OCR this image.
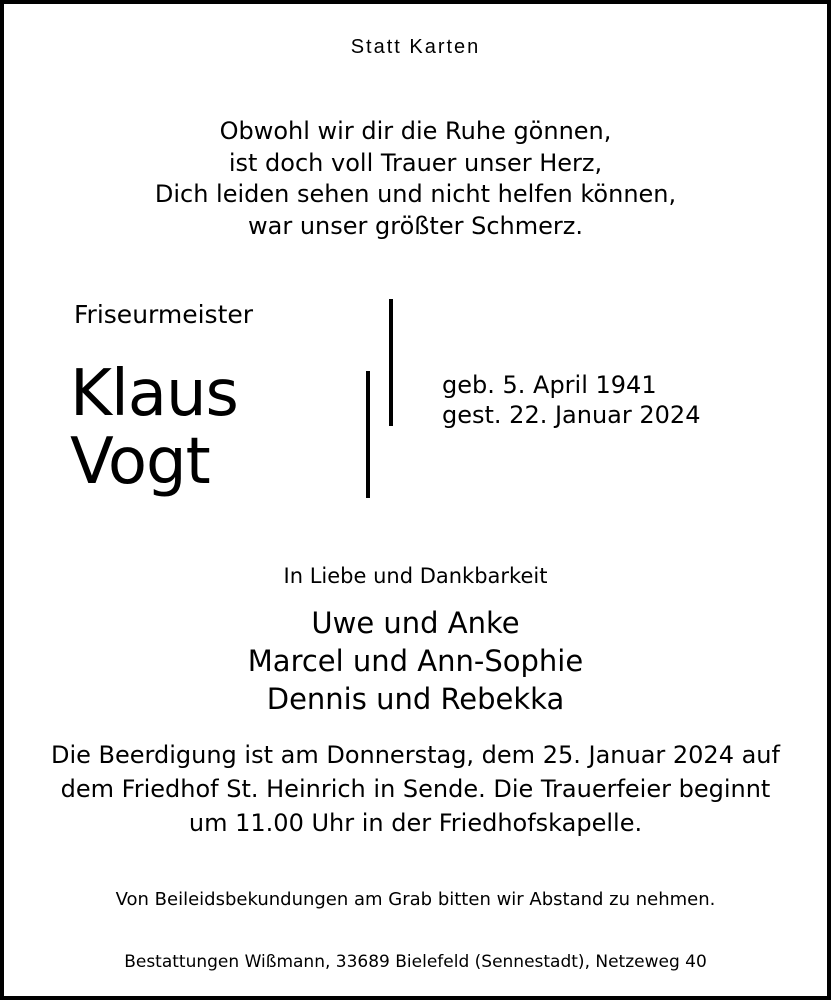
Statt Karten
Obwohl wir dir die Ruhe gönnen,
ist doch voll Trauer unser Herz,
Dich leiden sehen und nicht helfen können,
war unser größter Schmerz.
Friseurmeister
Klaus
Vogt
geb. 5. April 1941
gest. 22. Januar 2024
In Liebe und Dankbarkeit
Uwe und Anke
Marcel und Ann-Sophie
Dennis und Rebekka
Die Beerdigung ist am Donnerstag, dem 25. Januar 2024 auf
dem Friedhof St. Heinrich in Sende. Die Trauerfeier beginnt
um 11.00 Uhr in der Friedhofskapelle.
Von Beileidsbekundungen am Grab bitten wir Abstand zu nehmen.
Bestattungen Wißmann, 33689 Bielefeld (Sennestadt), Netzeweg 40
